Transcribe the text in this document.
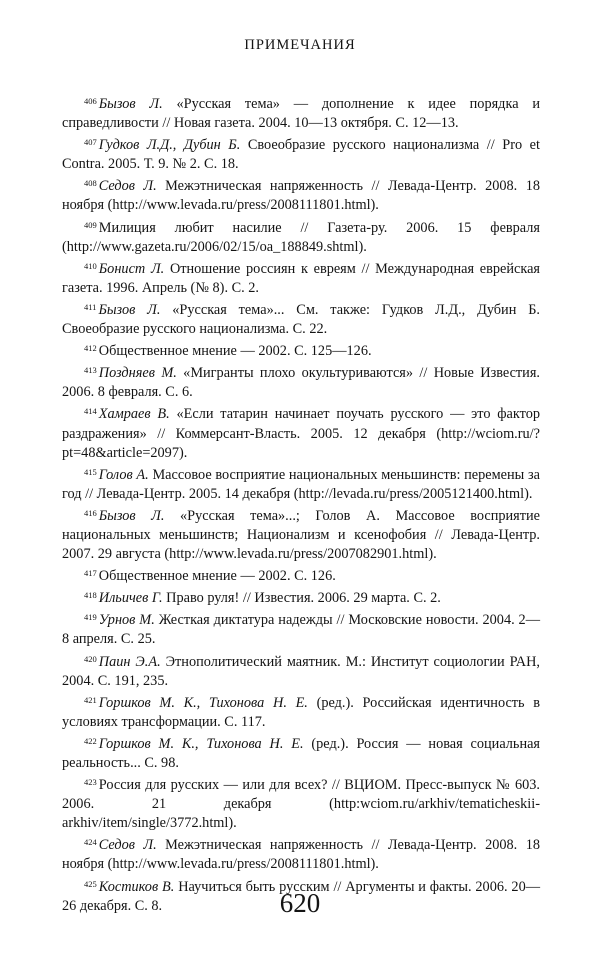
ПРИМЕЧАНИЯ

$^{406}$ Бызов Л. «Русская тема» — дополнение к идее порядка и справедливости // Новая газета. 2004. 10—13 октября. С. 12—13.

$^{407}$ Гудков Л.Д., Дубин Б. Своеобразие русского национализма // Pro et Contra. 2005. Т. 9. № 2. С. 18.

$^{408}$ Седов Л. Межэтническая напряженность // Левада-Центр. 2008. 18 ноября (http://www.levada.ru/press/2008111801.html).

$^{409}$ Милиция любит насилие // Газета-ру. 2006. 15 февраля (http://www.gazeta.ru/2006/02/15/oa_188849.shtml).

$^{410}$ Бонист Л. Отношение россиян к евреям // Международная еврейская газета. 1996. Апрель (№ 8). С. 2.

$^{411}$ Бызов Л. «Русская тема»... См. также: Гудков Л.Д., Дубин Б. Своеобразие русского национализма. С. 22.

$^{412}$ Общественное мнение — 2002. С. 125—126.

$^{413}$ Поздняев М. «Мигранты плохо окультуриваются» // Новые Известия. 2006. 8 февраля. С. 6.

$^{414}$ Хамраев В. «Если татарин начинает поучать русского — это фактор раздражения» // Коммерсант-Власть. 2005. 12 декабря (http://wciom.ru/?pt=48&article=2097).

$^{415}$ Голов А. Массовое восприятие национальных меньшинств: перемены за год // Левада-Центр. 2005. 14 декабря (http://levada.ru/press/2005121400.html).

$^{416}$ Бызов Л. «Русская тема»...; Голов А. Массовое восприятие национальных меньшинств; Национализм и ксенофобия // Левада-Центр. 2007. 29 августа (http://www.levada.ru/press/2007082901.html).

$^{417}$ Общественное мнение — 2002. С. 126.

$^{418}$ Ильичев Г. Право руля! // Известия. 2006. 29 марта. С. 2.

$^{419}$ Урнов М. Жесткая диктатура надежды // Московские новости. 2004. 2—8 апреля. С. 25.

$^{420}$ Паин Э.А. Этнополитический маятник. М.: Институт социологии РАН, 2004. С. 191, 235.

$^{421}$ Горшков М. К., Тихонова Н. Е. (ред.). Российская идентичность в условиях трансформации. С. 117.

$^{422}$ Горшков М. К., Тихонова Н. Е. (ред.). Россия — новая социальная реальность... С. 98.

$^{423}$ Россия для русских — или для всех? // ВЦИОМ. Пресс-выпуск № 603. 2006. 21 декабря (http:wciom.ru/arkhiv/tematicheskii-arkhiv/item/single/3772.html).

$^{424}$ Седов Л. Межэтническая напряженность // Левада-Центр. 2008. 18 ноября (http://www.levada.ru/press/2008111801.html).

$^{425}$ Костиков В. Научиться быть русским // Аргументы и факты. 2006. 20—26 декабря. С. 8.	620
